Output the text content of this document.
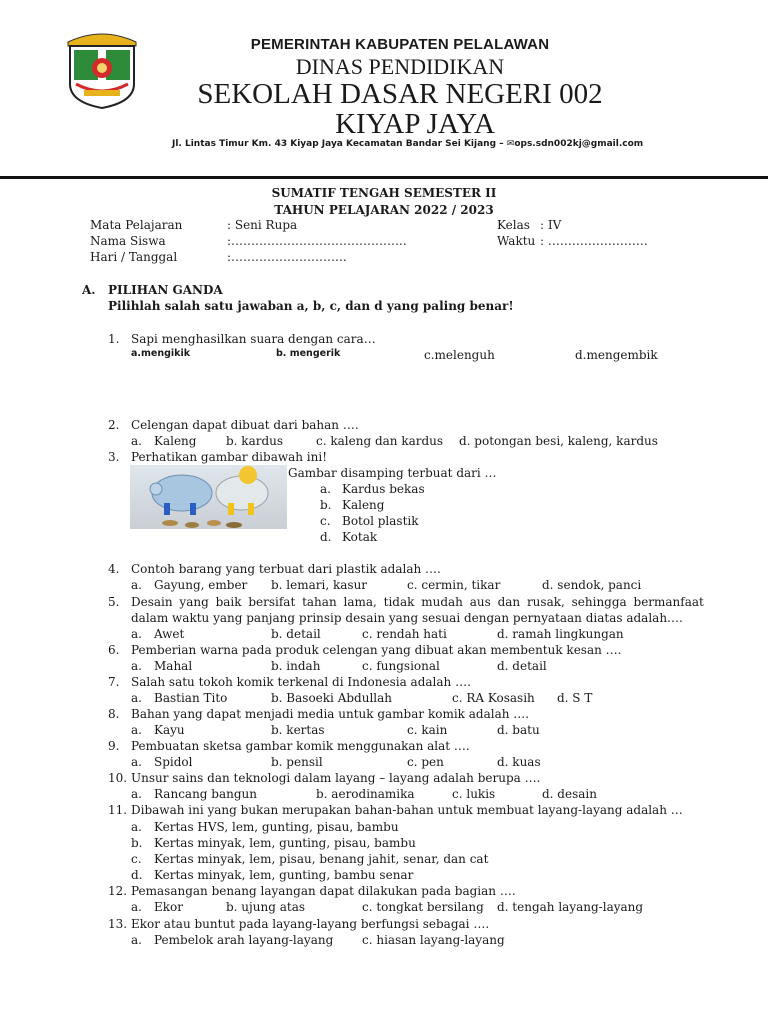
PEMERINTAH KABUPATEN PELALAWAN
DINAS PENDIDIKAN
SEKOLAH DASAR NEGERI 002
KIYAP JAYA
Jl. Lintas Timur Km. 43 Kiyap Jaya Kecamatan Bandar Sei Kijang – ✉ops.sdn002kj@gmail.com
SUMATIF TENGAH SEMESTER II
TAHUN PELAJARAN 2022 / 2023
Mata Pelajaran	: Seni Rupa	Kelas : IV
Nama Siswa	:……………………………………..	Waktu : …………………….
Hari / Tanggal	:………………………..
A. PILIHAN GANDA
Pilihlah salah satu jawaban a, b, c, dan d yang paling benar!
1. Sapi menghasilkan suara dengan cara…
a.mengikik	b. mengerik	c.melenguh	d.mengembik
2. Celengan dapat dibuat dari bahan ….
a. Kaleng b. kardus	c. kaleng dan kardus d. potongan besi, kaleng, kardus
3. Perhatikan gambar dibawah ini!
Gambar disamping terbuat dari …
a. Kardus bekas
b. Kaleng
c. Botol plastik
d. Kotak
4. Contoh barang yang terbuat dari plastik adalah ….
a. Gayung, ember b. lemari, kasur	c. cermin, tikar	d. sendok, panci
5. Desain yang baik bersifat tahan lama, tidak mudah aus dan rusak, sehingga bermanfaat
dalam waktu yang panjang prinsip desain yang sesuai dengan pernyataan diatas adalah….
a. Awet	b. detail	c. rendah hati	d. ramah lingkungan
6. Pemberian warna pada produk celengan yang dibuat akan membentuk kesan ….
a. Mahal	b. indah	c. fungsional	d. detail
7. Salah satu tokoh komik terkenal di Indonesia adalah ….
a. Bastian Tito	b. Basoeki Abdullah	c. RA Kosasih d. S T
8. Bahan yang dapat menjadi media untuk gambar komik adalah ….
a. Kayu	b. kertas	c. kain	d. batu
9. Pembuatan sketsa gambar komik menggunakan alat ….
a. Spidol	b. pensil	c. pen	d. kuas
10. Unsur sains dan teknologi dalam layang – layang adalah berupa ….
a. Rancang bangun	b. aerodinamika	c. lukis	d. desain
11. Dibawah ini yang bukan merupakan bahan-bahan untuk membuat layang-layang adalah …
a. Kertas HVS, lem, gunting, pisau, bambu
b. Kertas minyak, lem, gunting, pisau, bambu
c. Kertas minyak, lem, pisau, benang jahit, senar, dan cat
d. Kertas minyak, lem, gunting, bambu senar
12. Pemasangan benang layangan dapat dilakukan pada bagian ….
a. Ekor	b. ujung atas	c. tongkat bersilang d. tengah layang-layang
13. Ekor atau buntut pada layang-layang berfungsi sebagai ….
a. Pembelok arah layang-layang c. hiasan layang-layang
